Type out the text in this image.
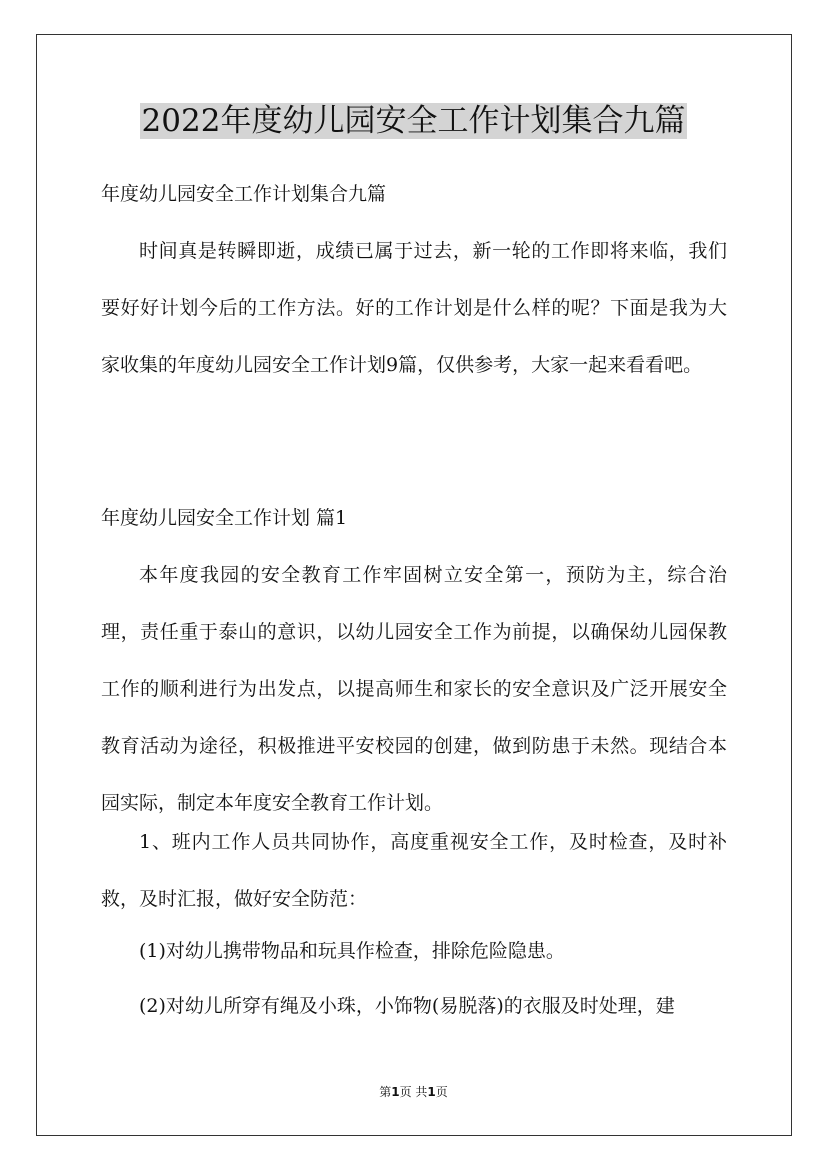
2022年度幼儿园安全工作计划集合九篇

年度幼儿园安全工作计划集合九篇

时间真是转瞬即逝，成绩已属于过去，新一轮的工作即将来临，我们要好好计划今后的工作方法。好的工作计划是什么样的呢？下面是我为大家收集的年度幼儿园安全工作计划9篇，仅供参考，大家一起来看看吧。

年度幼儿园安全工作计划 篇1

本年度我园的安全教育工作牢固树立安全第一，预防为主，综合治理，责任重于泰山的意识，以幼儿园安全工作为前提，以确保幼儿园保教工作的顺利进行为出发点，以提高师生和家长的安全意识及广泛开展安全教育活动为途径，积极推进平安校园的创建，做到防患于未然。现结合本园实际，制定本年度安全教育工作计划。

1、班内工作人员共同协作，高度重视安全工作，及时检查，及时补救，及时汇报，做好安全防范：

(1)对幼儿携带物品和玩具作检查，排除危险隐患。

(2)对幼儿所穿有绳及小珠，小饰物(易脱落)的衣服及时处理，建

第1页 共1页
